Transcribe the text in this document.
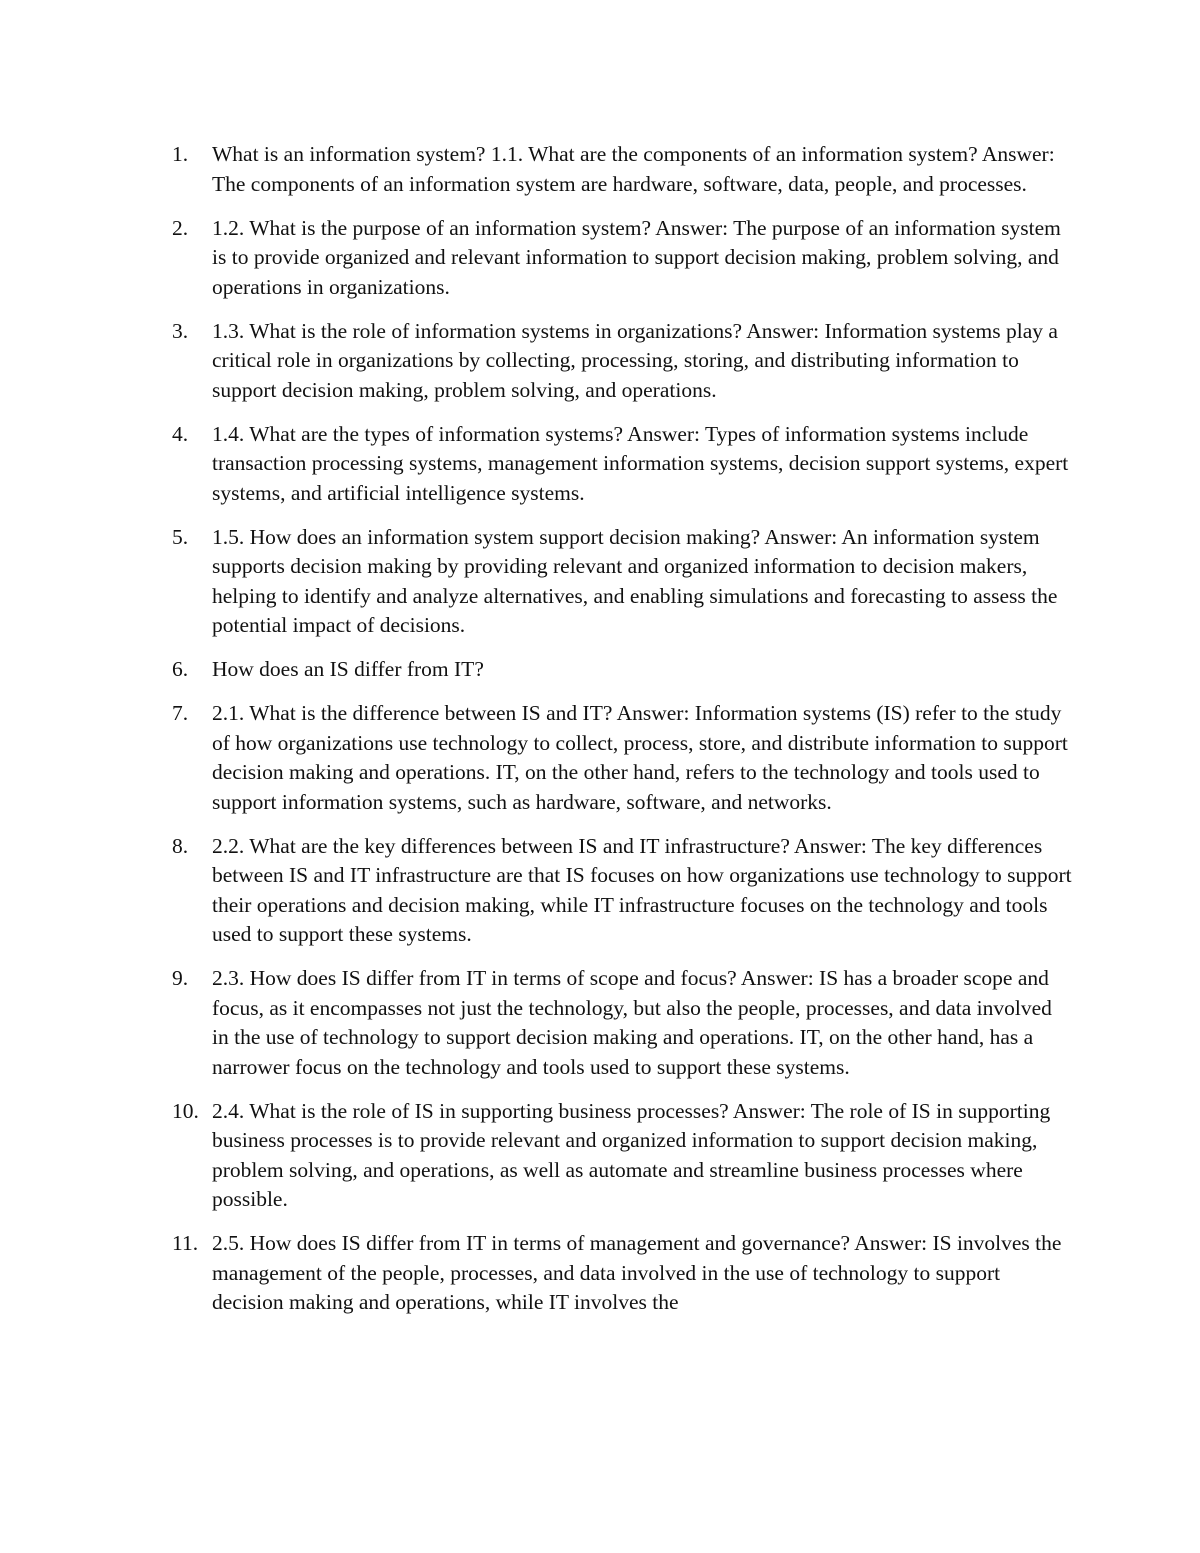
1.	What is an information system? 1.1. What are the components of an information system? Answer: The components of an information system are hardware, software, data, people, and processes.
2.	1.2. What is the purpose of an information system? Answer: The purpose of an information system is to provide organized and relevant information to support decision making, problem solving, and operations in organizations.
3.	1.3. What is the role of information systems in organizations? Answer: Information systems play a critical role in organizations by collecting, processing, storing, and distributing information to support decision making, problem solving, and operations.
4.	1.4. What are the types of information systems? Answer: Types of information systems include transaction processing systems, management information systems, decision support systems, expert systems, and artificial intelligence systems.
5.	1.5. How does an information system support decision making? Answer: An information system supports decision making by providing relevant and organized information to decision makers, helping to identify and analyze alternatives, and enabling simulations and forecasting to assess the potential impact of decisions.
6.	How does an IS differ from IT?
7.	2.1. What is the difference between IS and IT? Answer: Information systems (IS) refer to the study of how organizations use technology to collect, process, store, and distribute information to support decision making and operations. IT, on the other hand, refers to the technology and tools used to support information systems, such as hardware, software, and networks.
8.	2.2. What are the key differences between IS and IT infrastructure? Answer: The key differences between IS and IT infrastructure are that IS focuses on how organizations use technology to support their operations and decision making, while IT infrastructure focuses on the technology and tools used to support these systems.
9.	2.3. How does IS differ from IT in terms of scope and focus? Answer: IS has a broader scope and focus, as it encompasses not just the technology, but also the people, processes, and data involved in the use of technology to support decision making and operations. IT, on the other hand, has a narrower focus on the technology and tools used to support these systems.
10. 2.4. What is the role of IS in supporting business processes? Answer: The role of IS in supporting business processes is to provide relevant and organized information to support decision making, problem solving, and operations, as well as automate and streamline business processes where possible.
11. 2.5. How does IS differ from IT in terms of management and governance? Answer: IS involves the management of the people, processes, and data involved in the use of technology to support decision making and operations, while IT involves the
